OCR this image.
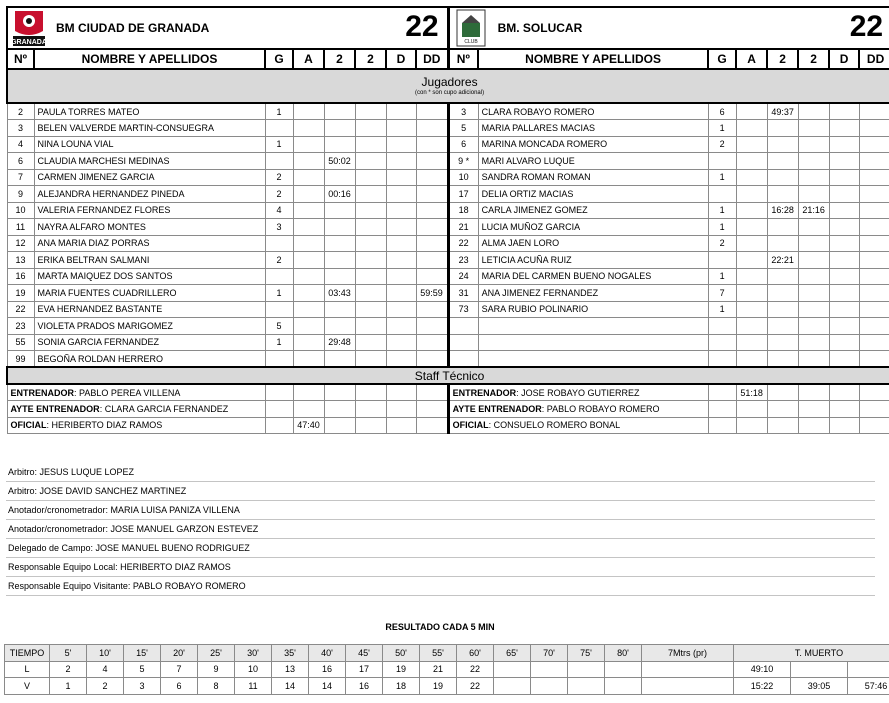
GRANADA
BM CIUDAD DE GRANADA 22								CLUB
BM. SOLUCAR 22							

Nº	NOMBRE Y APELLIDOS	G	A	2	2	D	DD	Nº	NOMBRE Y APELLIDOS	G	A	2	2	D	DD

Jugadores
(con * son cupo adicional)															

2	PAULA TORRES MATEO	1						3	CLARA ROBAYO ROMERO	6		49:37			
3	BELEN VALVERDE MARTIN-CONSUEGRA							5	MARIA PALLARES MACIAS	1					
4	NINA LOUNA VIAL	1						6	MARINA MONCADA ROMERO	2					
6	CLAUDIA MARCHESI MEDINAS			50:02				9 *	MARI ALVARO LUQUE						
7	CARMEN JIMENEZ GARCIA	2						10	SANDRA ROMAN ROMAN	1					
9	ALEJANDRA HERNANDEZ PINEDA	2		00:16				17	DELIA ORTIZ MACIAS						
10	VALERIA FERNANDEZ FLORES	4						18	CARLA JIMENEZ GOMEZ	1		16:28	21:16		
11	NAYRA ALFARO MONTES	3						21	LUCIA MUÑOZ GARCIA	1					
12	ANA MARIA DIAZ PORRAS							22	ALMA JAEN LORO	2					
13	ERIKA BELTRAN SALMANI	2						23	LETICIA ACUÑA RUIZ			22:21			
16	MARTA MAIQUEZ DOS SANTOS							24	MARIA DEL CARMEN BUENO NOGALES	1					
19	MARIA FUENTES CUADRILLERO	1		03:43			59:59	31	ANA JIMENEZ FERNANDEZ	7					
22	EVA HERNANDEZ BASTANTE							73	SARA RUBIO POLINARIO	1					
23	VIOLETA PRADOS MARIGOMEZ	5													
55	SONIA GARCIA FERNANDEZ	1		29:48											
99	BEGOÑA ROLDAN HERRERO														

Staff Técnico															

ENTRENADOR: PABLO PEREA VILLENA								ENTRENADOR: JOSE ROBAYO GUTIERREZ			51:18				
AYTE ENTRENADOR: CLARA GARCIA FERNANDEZ								AYTE ENTRENADOR: PABLO ROBAYO ROMERO							
OFICIAL: HERIBERTO DIAZ RAMOS			47:40					OFICIAL: CONSUELO ROMERO BONAL							
Arbitro: JESUS LUQUE LOPEZ
Arbitro: JOSE DAVID SANCHEZ MARTINEZ
Anotador/cronometrador: MARIA LUISA PANIZA VILLENA
Anotador/cronometrador: JOSE MANUEL GARZON ESTEVEZ
Delegado de Campo: JOSE MANUEL BUENO RODRIGUEZ
Responsable Equipo Local: HERIBERTO DIAZ RAMOS
Responsable Equipo Visitante: PABLO ROBAYO ROMERO
RESULTADO CADA 5 MIN
TIEMPO	5'	10'	15'	20'	25'	30'	35'	40'	45'	50'	55'	60'	65'	70'	75'	80'	7Mtrs (pr)	T. MUERTO		
L	2	4	5	7	9	10	13	16	17	19	21	22						49:10		
V	1	2	3	6	8	11	14	14	16	18	19	22						15:22	39:05	57:46
